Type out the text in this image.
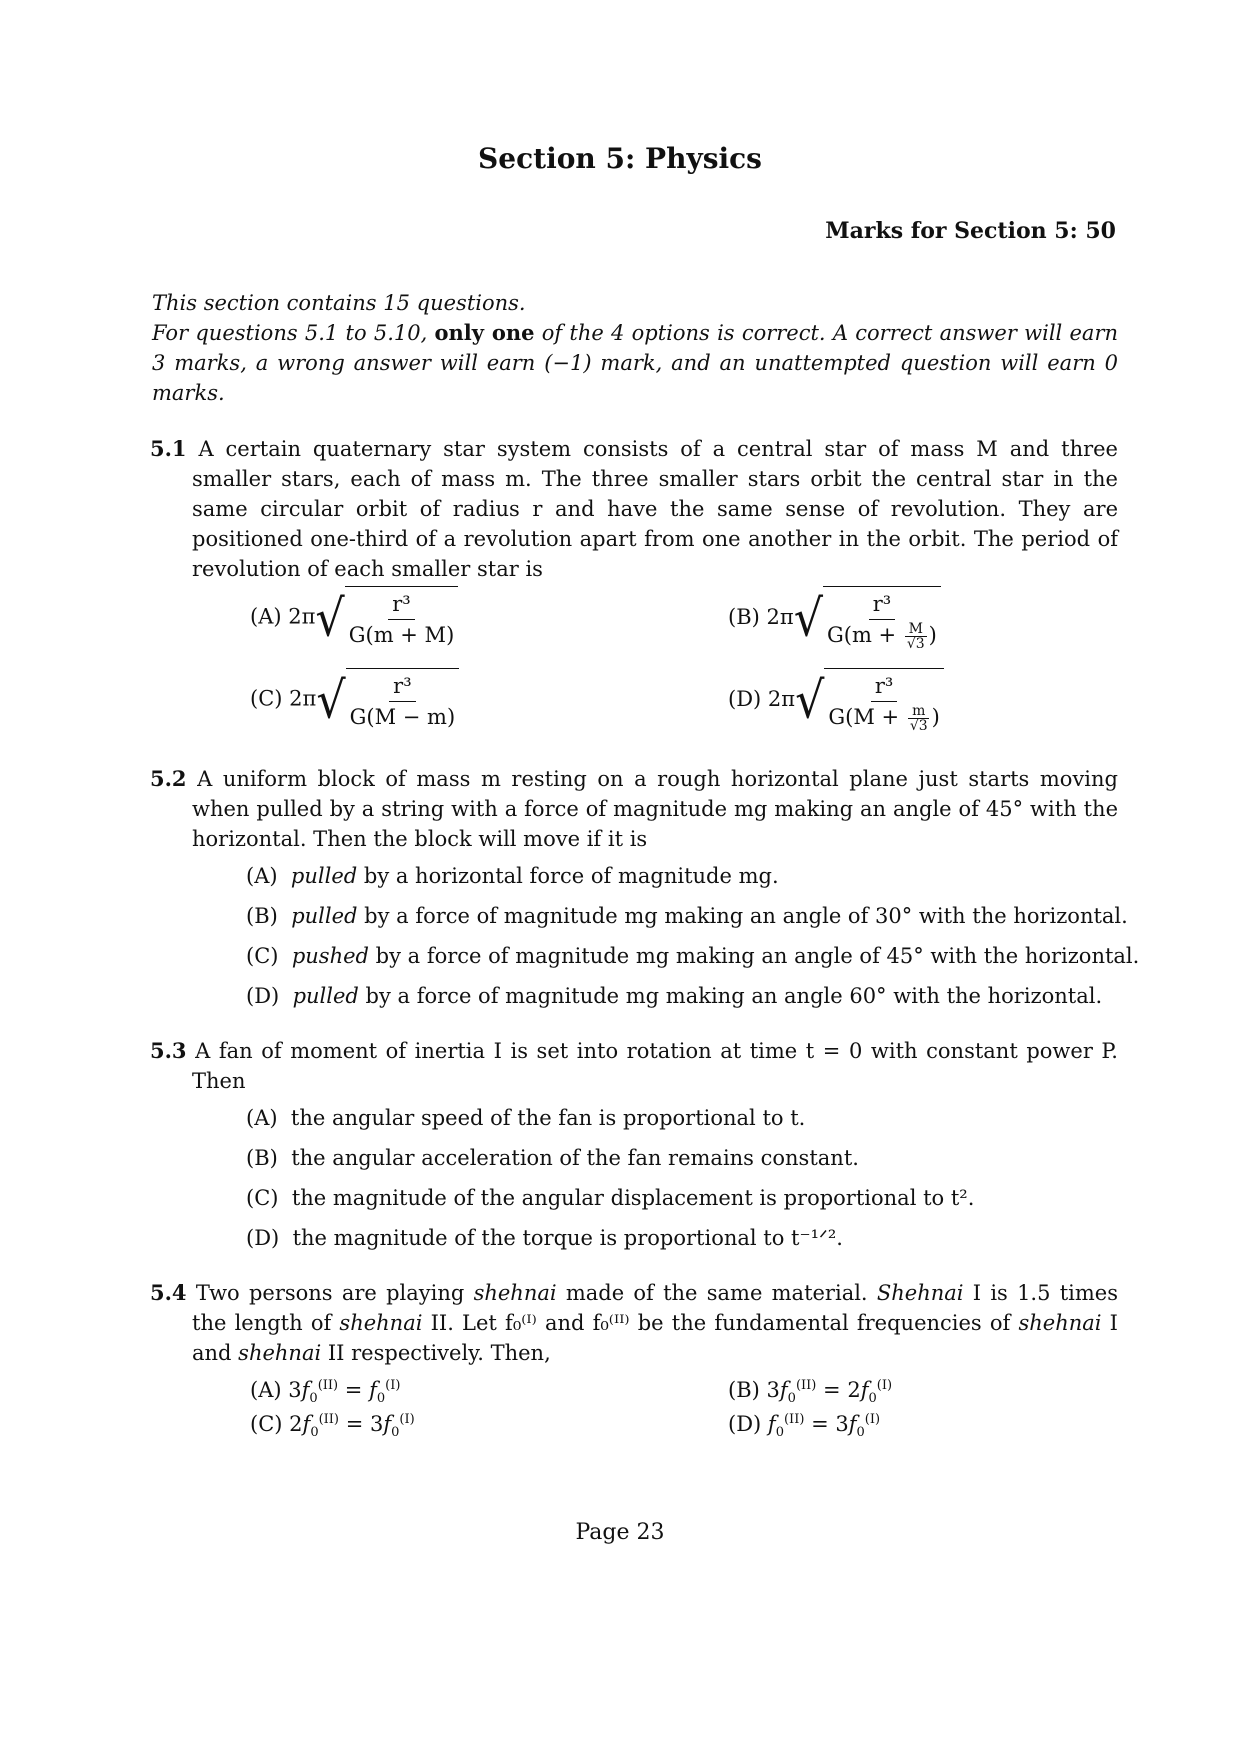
Section 5: Physics
Marks for Section 5: 50
This section contains 15 questions.
For questions 5.1 to 5.10, only one of the 4 options is correct. A correct answer will earn 3 marks, a wrong answer will earn (−1) mark, and an unattempted question will earn 0 marks.
5.1 A certain quaternary star system consists of a central star of mass M and three smaller stars, each of mass m. The three smaller stars orbit the central star in the same circular orbit of radius r and have the same sense of revolution. They are positioned one-third of a revolution apart from one another in the orbit. The period of revolution of each smaller star is
(A) 2π √ $\frac{\text{r³}}{G(m + M)}$	(B) 2π √ $\frac{\text{r³}}{G(m + \frac{M}{√3} )}$
(C) 2π √ $\frac{\text{r³}}{G(M - m)}$	(D) 2π √ $\frac{\text{r³}}{G(M + \frac{m}{√3} )}$
5.2 A uniform block of mass m resting on a rough horizontal plane just starts moving when pulled by a string with a force of magnitude mg making an angle of 45° with the horizontal. Then the block will move if it is
(A) pulled by a horizontal force of magnitude mg.
(B) pulled by a force of magnitude mg making an angle of 30° with the horizontal.
(C) pushed by a force of magnitude mg making an angle of 45° with the horizontal.
(D) pulled by a force of magnitude mg making an angle 60° with the horizontal.
5.3 A fan of moment of inertia I is set into rotation at time t = 0 with constant power P. Then
(A) the angular speed of the fan is proportional to t.
(B) the angular acceleration of the fan remains constant.
(C) the magnitude of the angular displacement is proportional to t².
(D) the magnitude of the torque is proportional to t⁻¹ᐟ².
5.4 Two persons are playing shehnai made of the same material. Shehnai I is 1.5 times the length of shehnai II. Let f₀⁽ᴵ⁾ and f₀⁽ᴵᴵ⁾ be the fundamental frequencies of shehnai I and shehnai II respectively. Then,
(A) $3f_0^{(II)} = f_0^{(I)}$	(B) $3f_0^{(II)} = 2f_0^{(I)}$
(C) $2f_0^{(II)} = 3f_0^{(I)}$	(D) $f_0^{(II)} = 3f_0^{(I)}$
Page 23
